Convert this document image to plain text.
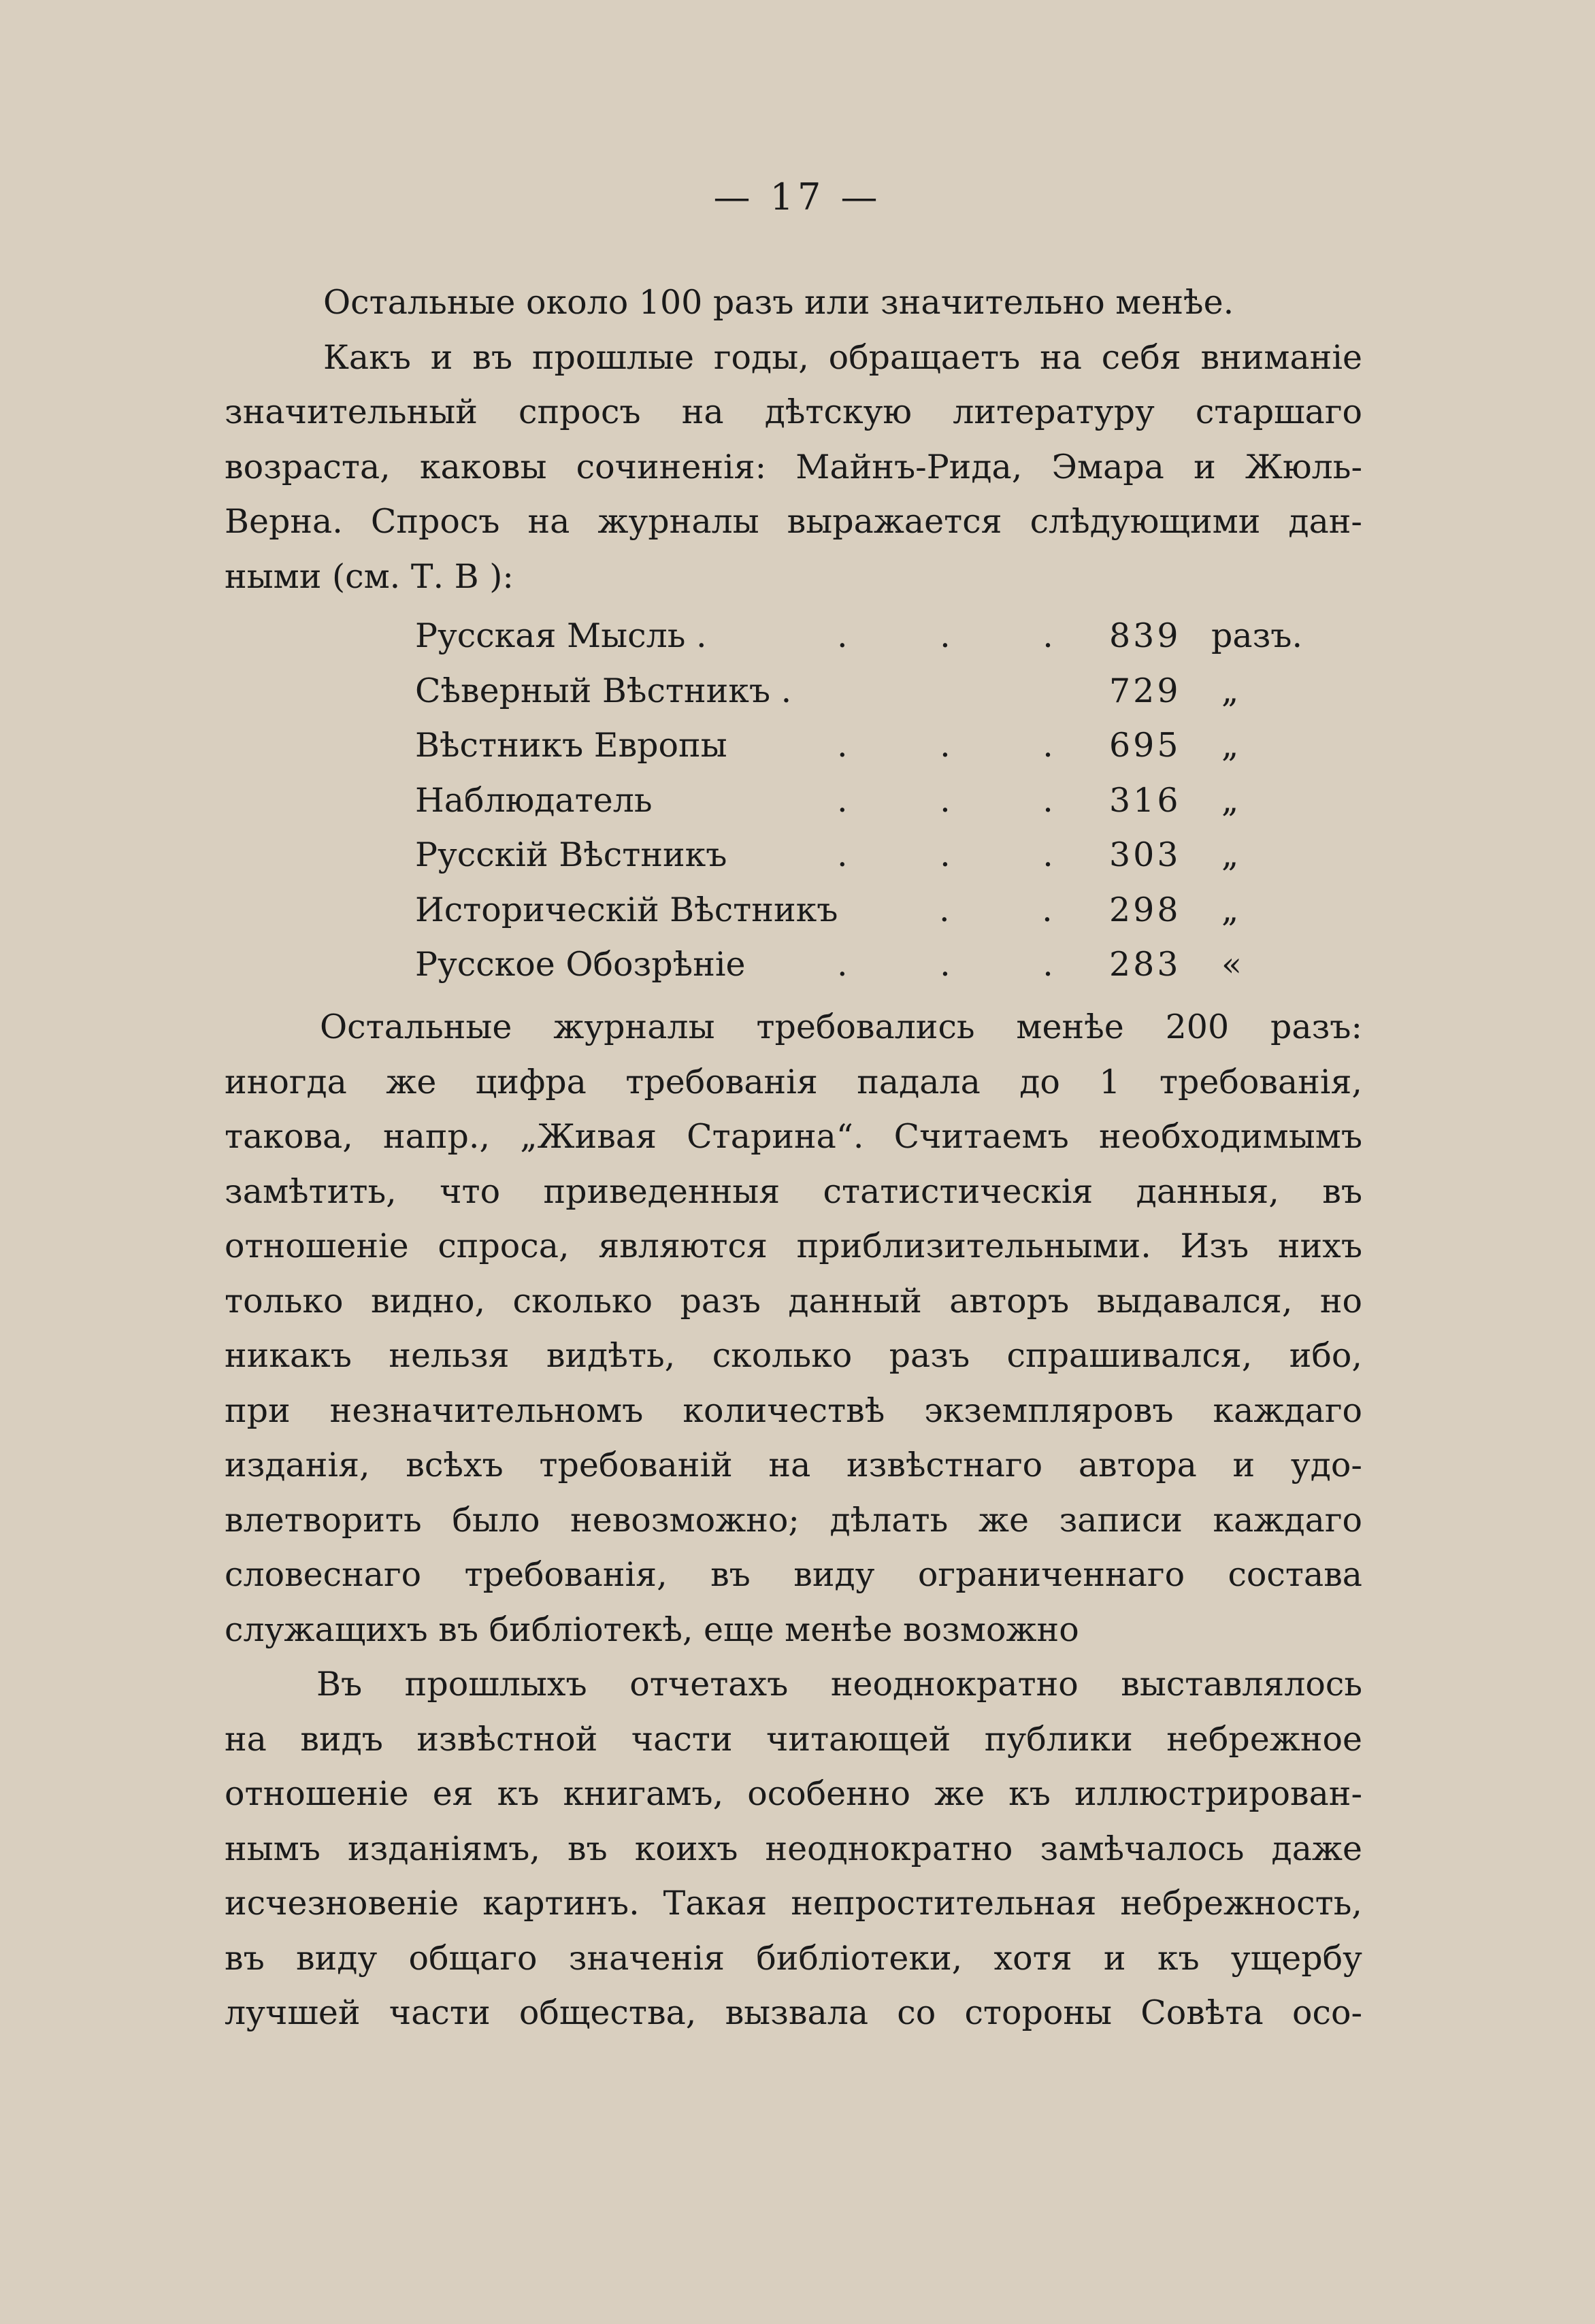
— 17 —
Остальные около 100 разъ или значительно менѣе.
Какъ и въ прошлые годы, обращаетъ на себя вниманіе
значительный спросъ на дѣтскую литературу старшаго
возраста, каковы сочиненія: Майнъ-Рида, Эмара и Жюль-
Верна. Спросъ на журналы выражается слѣдующими дан-
ными (см. Т. В ):
Русская Мысль .	. . . 839 разъ.
Сѣверный Вѣстникъ .	729 „
Вѣстникъ Европы	. . . 695 „
Наблюдатель	. . . 316 „
Русскій Вѣстникъ	. . . 303 „
Историческій Вѣстникъ	. . 298 „
Русское Обозрѣніе	. . . 283 «
Остальные журналы требовались менѣе 200 разъ:
иногда же цифра требованія падала до 1 требованія,
такова, напр., „Живая Старина“. Считаемъ необходимымъ
замѣтить, что приведенныя статистическія данныя, въ
отношеніе спроса, являются приблизительными. Изъ нихъ
только видно, сколько разъ данный авторъ выдавался, но
никакъ нельзя видѣть, сколько разъ спрашивался, ибо,
при незначительномъ количествѣ экземпляровъ каждаго
изданія, всѣхъ требованій на извѣстнаго автора и удо-
влетворить было невозможно; дѣлать же записи каждаго
словеснаго требованія, въ виду ограниченнаго состава
служащихъ въ библіотекѣ, еще менѣе возможно
Въ прошлыхъ отчетахъ неоднократно выставлялось
на видъ извѣстной части читающей публики небрежное
отношеніе ея къ книгамъ, особенно же къ иллюстрирован-
нымъ изданіямъ, въ коихъ неоднократно замѣчалось даже
исчезновеніе картинъ. Такая непростительная небрежность,
въ виду общаго значенія библіотеки, хотя и къ ущербу
лучшей части общества, вызвала со стороны Совѣта осо-
